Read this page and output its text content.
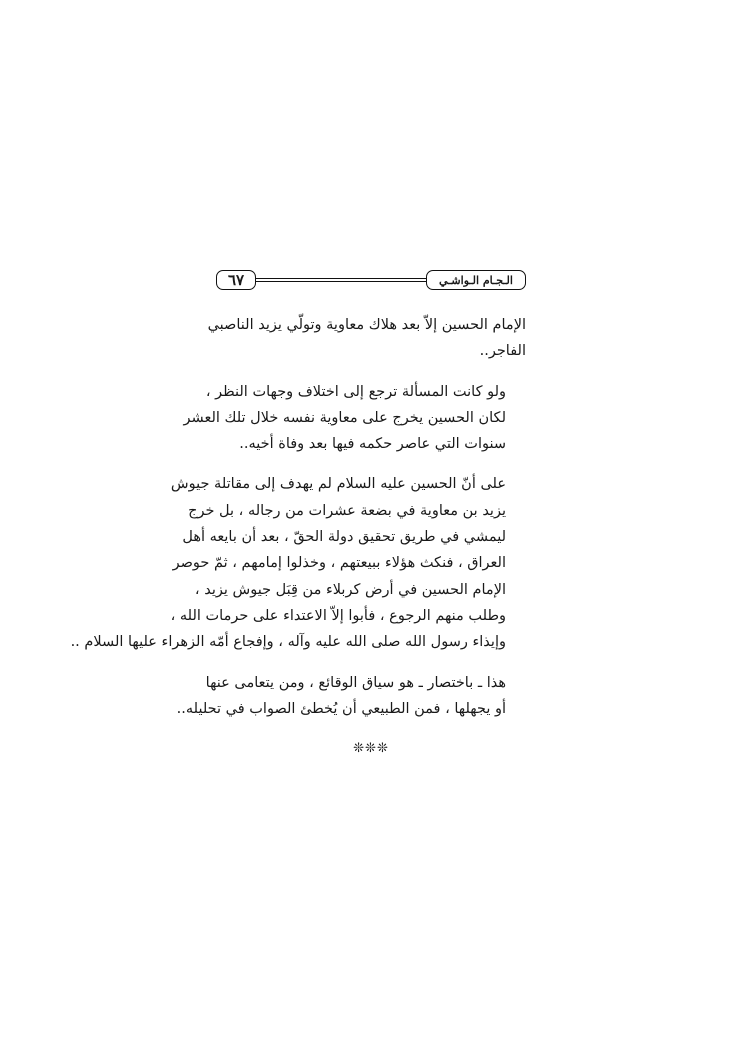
٦٧	الـجـام الـواشـي

الإمام الحسين إلاّ بعد هلاك معاوية وتولّي يزيد الناصبي
الفاجر..

ولو كانت المسألة ترجع إلى اختلاف وجهات النظر ،
لكان الحسين يخرج على معاوية نفسه خلال تلك العشر
سنوات التي عاصر حكمه فيها بعد وفاة أخيه..

على أنّ الحسين عليه السلام لم يهدف إلى مقاتلة جيوش
يزيد بن معاوية في بضعة عشرات من رجاله ، بل خرج
ليمشي في طريق تحقيق دولة الحقّ ، بعد أن بايعه أهل
العراق ، فنكث هؤلاء ببيعتهم ، وخذلوا إمامهم ، ثمّ حوصر
الإمام الحسين في أرض كربلاء من قِبَل جيوش يزيد ،
وطلب منهم الرجوع ، فأبوا إلاّ الاعتداء على حرمات الله ،
وإيذاء رسول الله صلى الله عليه وآله ، وإفجاع أمّه الزهراء عليها السلام ..

هذا ـ باختصار ـ هو سياق الوقائع ، ومن يتعامى عنها
أو يجهلها ، فمن الطبيعي أن يُخطئ الصواب في تحليله..

❊❊❊
